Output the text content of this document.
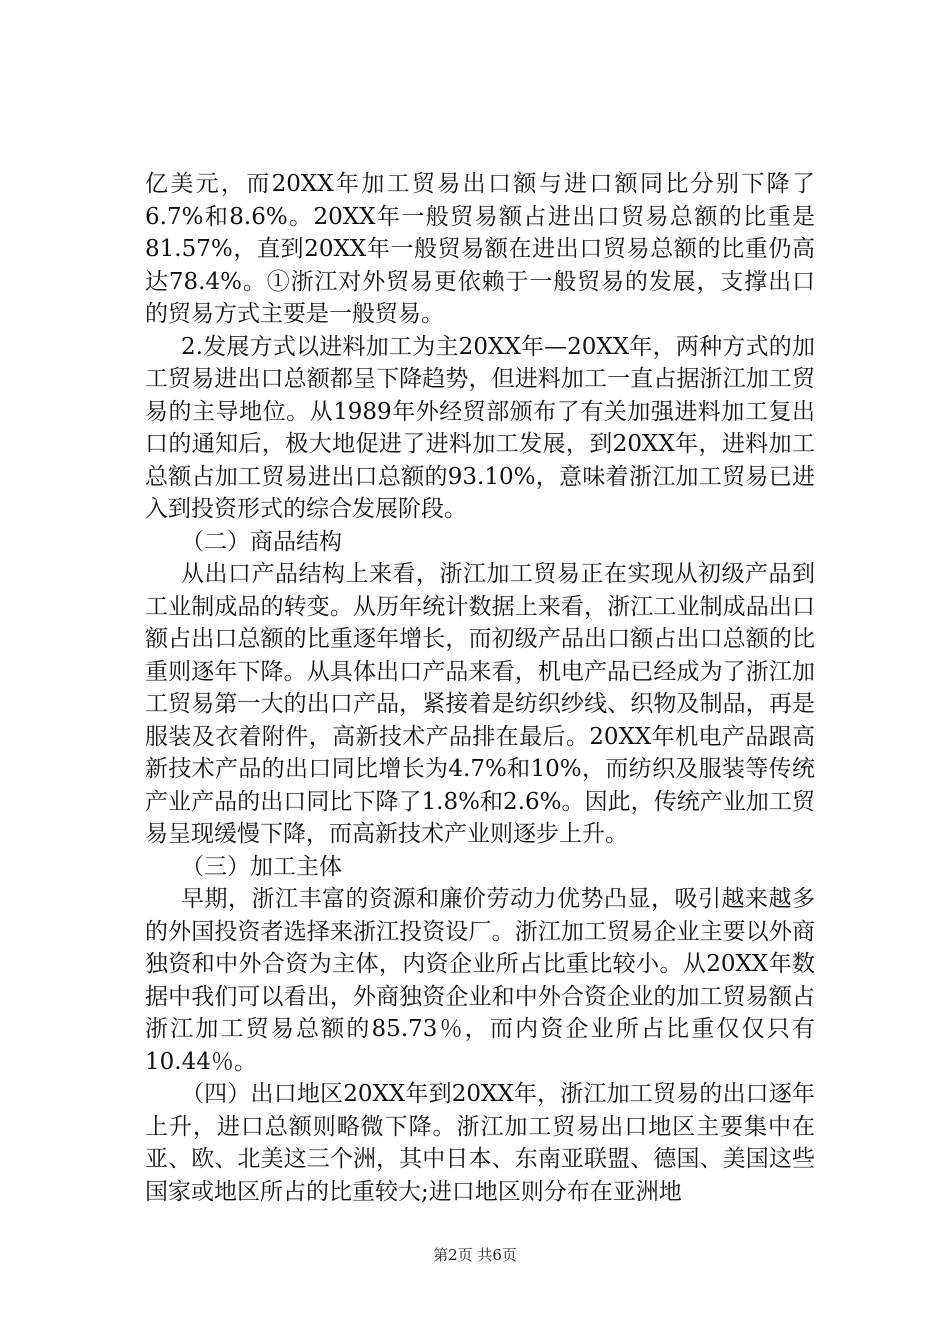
亿美元，而20XX年加工贸易出口额与进口额同比分别下降了6.7%和8.6%。20XX年一般贸易额占进出口贸易总额的比重是81.57%，直到20XX年一般贸易额在进出口贸易总额的比重仍高达78.4%。①浙江对外贸易更依赖于一般贸易的发展，支撑出口的贸易方式主要是一般贸易。

2.发展方式以进料加工为主20XX年—20XX年，两种方式的加工贸易进出口总额都呈下降趋势，但进料加工一直占据浙江加工贸易的主导地位。从1989年外经贸部颁布了有关加强进料加工复出口的通知后，极大地促进了进料加工发展，到20XX年，进料加工总额占加工贸易进出口总额的93.10%，意味着浙江加工贸易已进入到投资形式的综合发展阶段。

（二）商品结构

从出口产品结构上来看，浙江加工贸易正在实现从初级产品到工业制成品的转变。从历年统计数据上来看，浙江工业制成品出口额占出口总额的比重逐年增长，而初级产品出口额占出口总额的比重则逐年下降。从具体出口产品来看，机电产品已经成为了浙江加工贸易第一大的出口产品，紧接着是纺织纱线、织物及制品，再是服装及衣着附件，高新技术产品排在最后。20XX年机电产品跟高新技术产品的出口同比增长为4.7%和10%，而纺织及服装等传统产业产品的出口同比下降了1.8%和2.6%。因此，传统产业加工贸易呈现缓慢下降，而高新技术产业则逐步上升。

（三）加工主体

早期，浙江丰富的资源和廉价劳动力优势凸显，吸引越来越多的外国投资者选择来浙江投资设厂。浙江加工贸易企业主要以外商独资和中外合资为主体，内资企业所占比重比较小。从20XX年数据中我们可以看出，外商独资企业和中外合资企业的加工贸易额占浙江加工贸易总额的85.73％，而内资企业所占比重仅仅只有10.44％。

（四）出口地区20XX年到20XX年，浙江加工贸易的出口逐年上升，进口总额则略微下降。浙江加工贸易出口地区主要集中在亚、欧、北美这三个洲，其中日本、东南亚联盟、德国、美国这些国家或地区所占的比重较大;进口地区则分布在亚洲地

第2页 共6页
